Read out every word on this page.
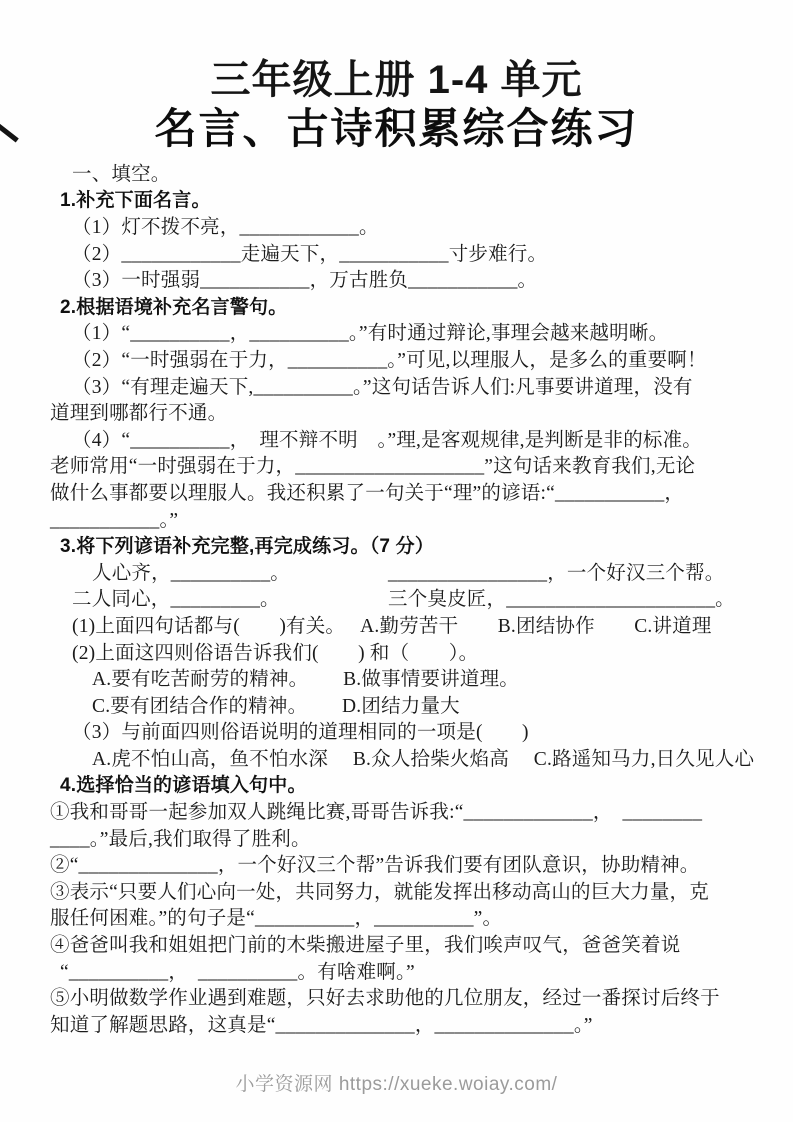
三年级上册 1-4 单元
名言、古诗积累综合练习
一、填空。
1.补充下面名言。
（1）灯不拨不亮，____________。
（2）____________走遍天下，___________寸步难行。
（3）一时强弱___________，万古胜负___________。
2.根据语境补充名言警句。
（1）“__________，__________。”有时通过辩论,事理会越来越明晰。
（2）“一时强弱在于力，__________。”可见,以理服人，是多么的重要啊！
（3）“有理走遍天下,__________。”这句话告诉人们:凡事要讲道理，没有
道理到哪都行不通。
（4）“__________，　理不辩不明　。”理,是客观规律,是判断是非的标准。
老师常用“一时强弱在于力，___________________”这句话来教育我们,无论
做什么事都要以理服人。我还积累了一句关于“理”的谚语:“___________，
___________。”
3.将下列谚语补充完整,再完成练习。（7 分）
人心齐，__________。	________________，一个好汉三个帮。
二人同心，_________。	三个臭皮匠，_____________________。
(1)上面四句话都与(　　)有关。　 A.勤劳苦干　　B.团结协作　　C.讲道理
(2)上面这四则俗语告诉我们(　　) 和（　　）。
A.要有吃苦耐劳的精神。　　 B.做事情要讲道理。
C.要有团结合作的精神。　　 D.团结力量大
（3）与前面四则俗语说明的道理相同的一项是(　　)
A.虎不怕山高，鱼不怕水深　 B.众人拾柴火焰高　 C.路遥知马力,日久见人心
4.选择恰当的谚语填入句中。
①我和哥哥一起参加双人跳绳比赛,哥哥告诉我:“_____________，　________
____。”最后,我们取得了胜利。
②“______________，一个好汉三个帮”告诉我们要有团队意识，协助精神。
③表示“只要人们心向一处，共同努力，就能发挥出移动高山的巨大力量，克
服任何困难。”的句子是“__________，__________”。
④爸爸叫我和姐姐把门前的木柴搬进屋子里，我们唉声叹气，爸爸笑着说
“__________，　__________。有啥难啊。”
⑤小明做数学作业遇到难题，只好去求助他的几位朋友，经过一番探讨后终于
知道了解题思路，这真是“______________，______________。”
小学资源网 https://xueke.woiay.com/
